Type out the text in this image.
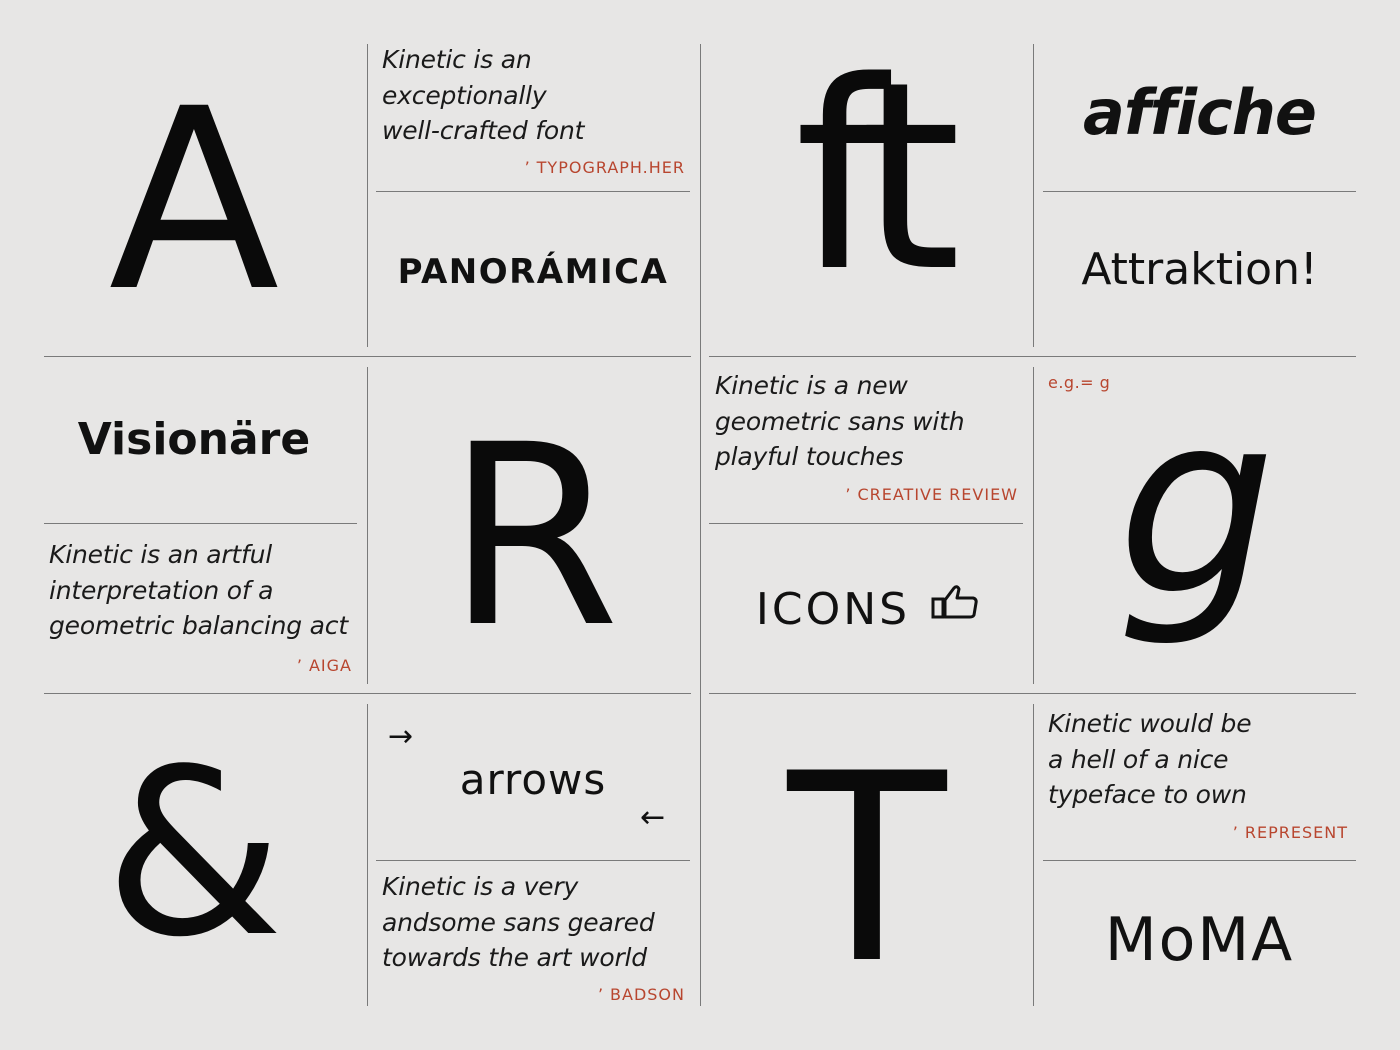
A	Kinetic is an
exceptionally
well-crafted font
’ TYPOGRAPH.HER
PANORÁMICA ft	affiche
Attraktion!
Visionäre
Kinetic is an artful
interpretation of a
geometric balancing act
’ AIGA R
Kinetic is a new
geometric sans with
playful touches
’ CREATIVE REVIEW
ICONS
e.g.= g g
&	→
arrows
←
Kinetic is a very
andsome sans geared
towards the art world
’ BADSON T	Kinetic would be
a hell of a nice
typeface to own
’ REPRESENT
MoMA
